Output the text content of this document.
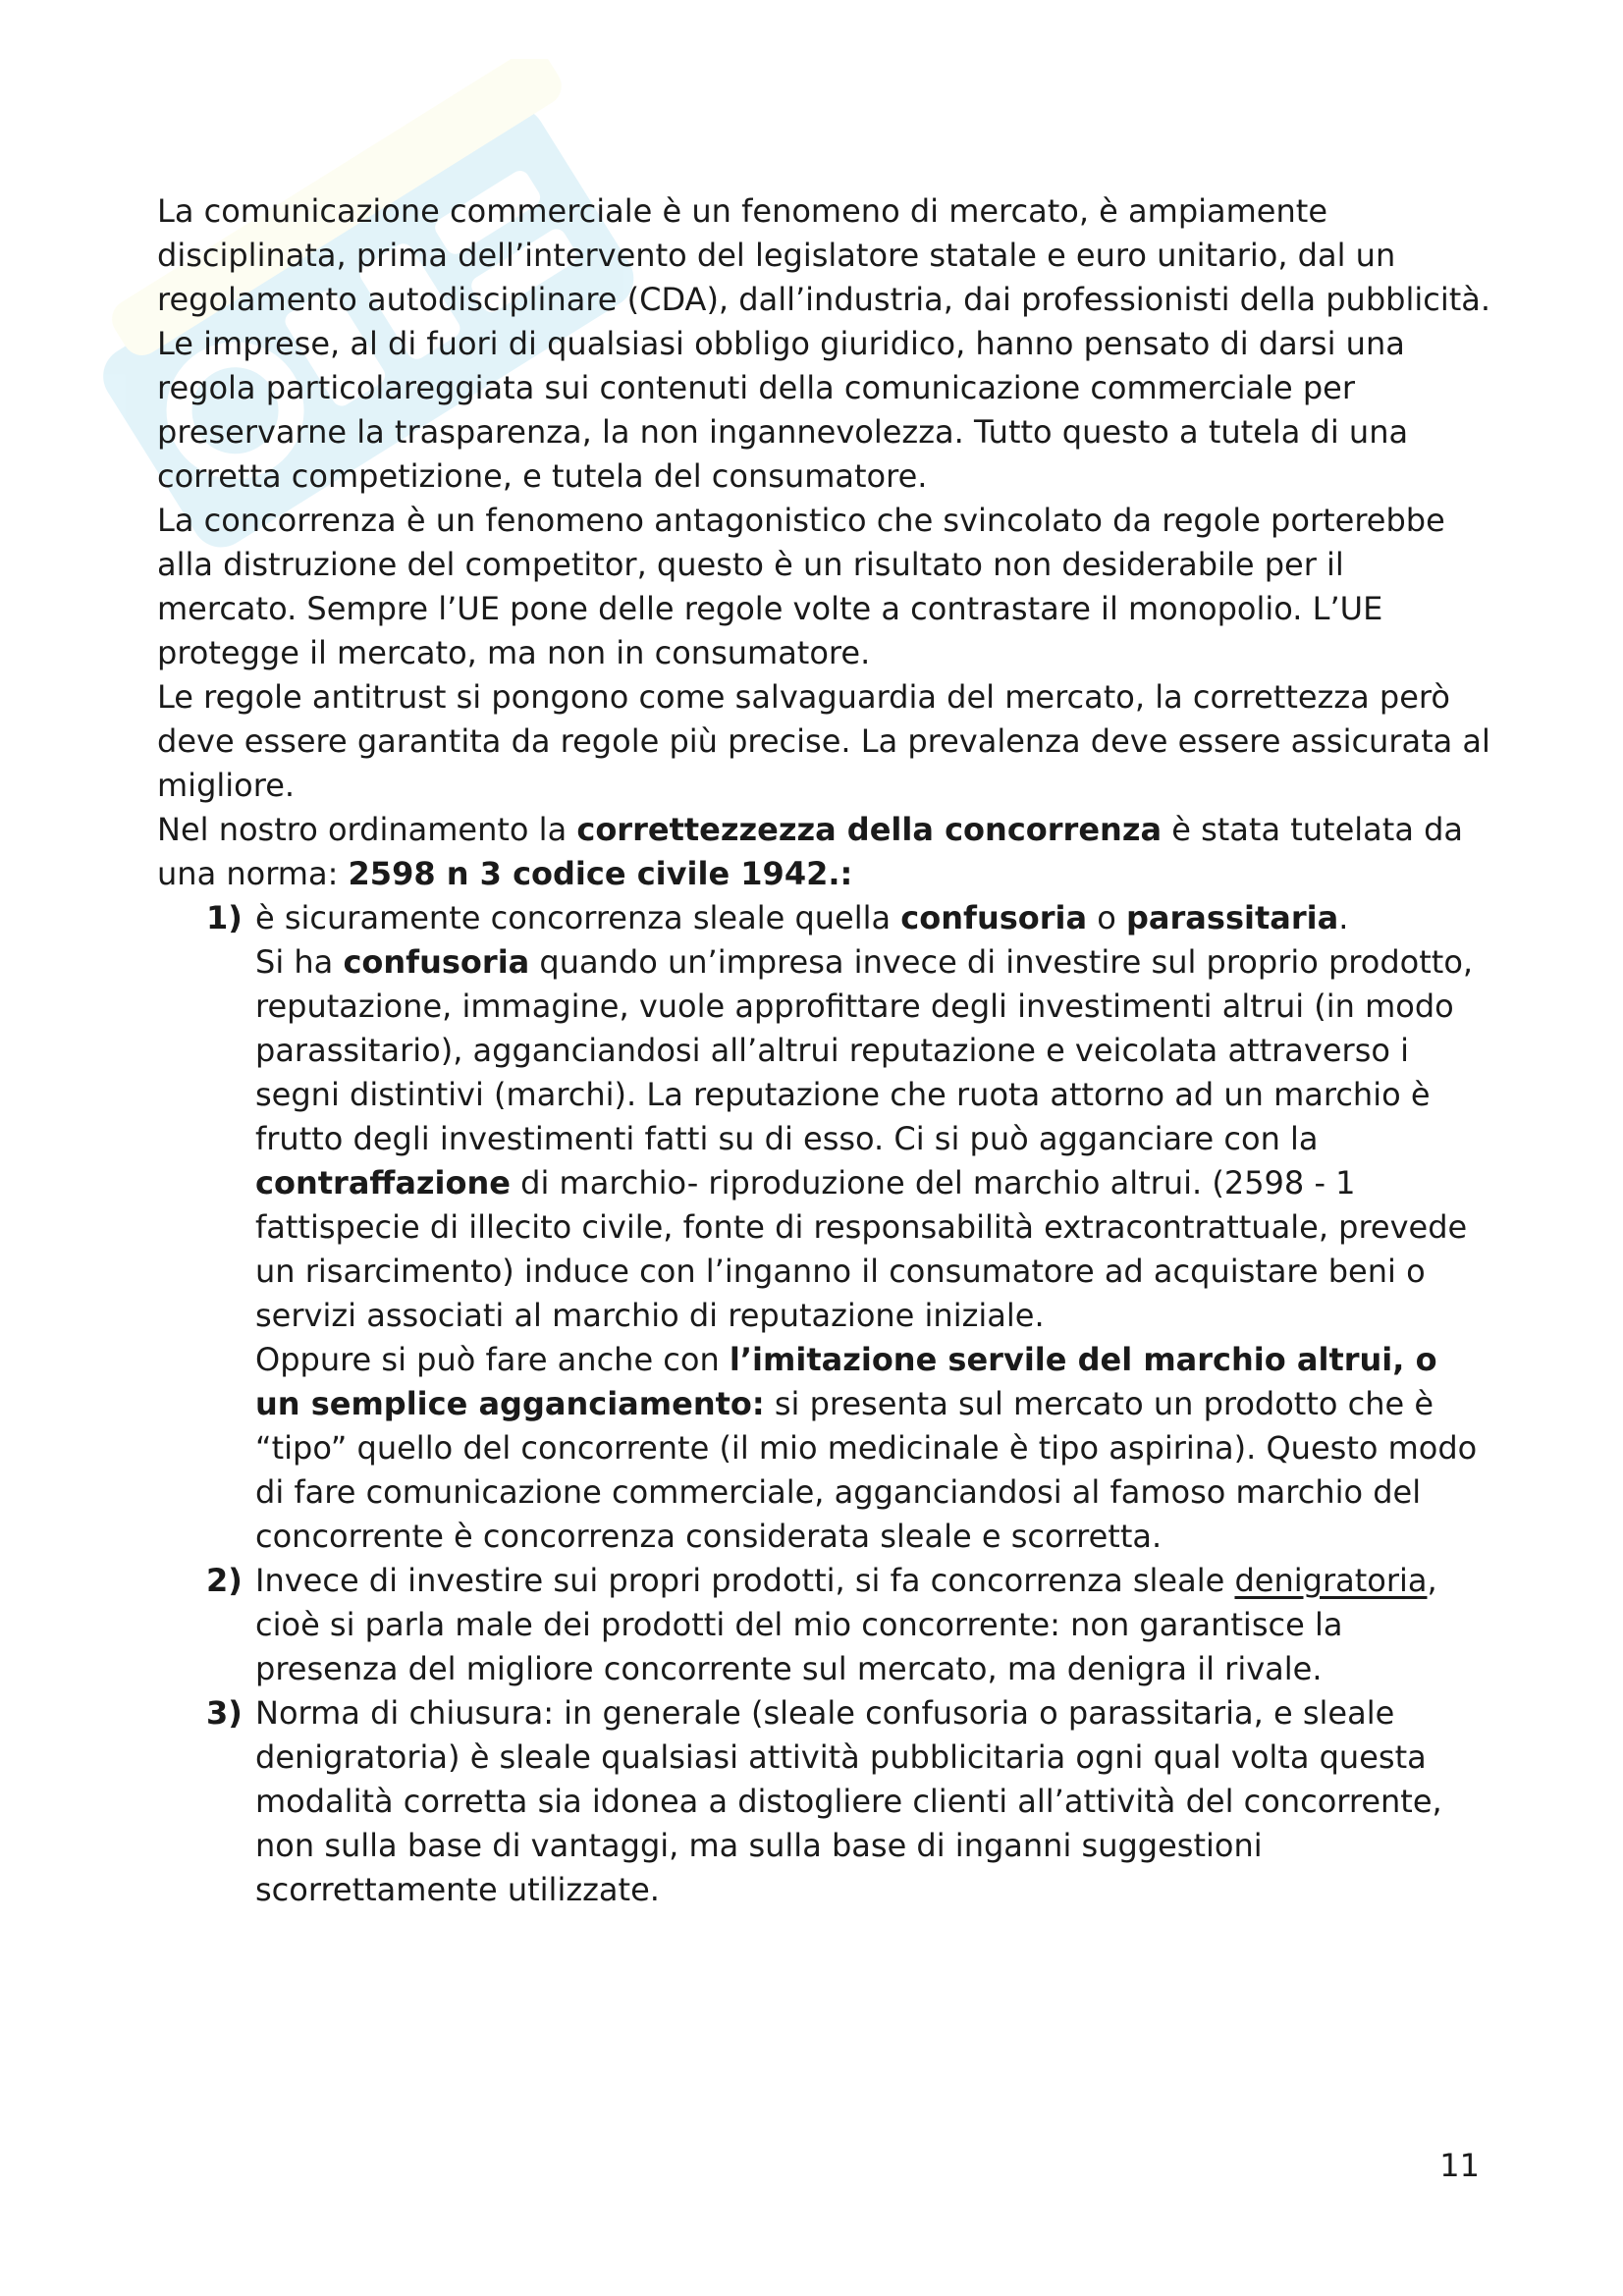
La comunicazione commerciale è un fenomeno di mercato, è ampiamente disciplinata, prima dell’intervento del legislatore statale e euro unitario, dal un regolamento autodisciplinare (CDA), dall’industria, dai professionisti della pubblicità.

Le imprese, al di fuori di qualsiasi obbligo giuridico, hanno pensato di darsi una regola particolareggiata sui contenuti della comunicazione commerciale per preservarne la trasparenza, la non ingannevolezza. Tutto questo a tutela di una corretta competizione, e tutela del consumatore.

La concorrenza è un fenomeno antagonistico che svincolato da regole porterebbe alla distruzione del competitor, questo è un risultato non desiderabile per il mercato. Sempre l’UE pone delle regole volte a contrastare il monopolio. L’UE protegge il mercato, ma non in consumatore.

Le regole antitrust si pongono come salvaguardia del mercato, la correttezza però deve essere garantita da regole più precise. La prevalenza deve essere assicurata al migliore.

Nel nostro ordinamento la correttezzezza della concorrenza è stata tutelata da una norma: 2598 n 3 codice civile 1942.:

1) è sicuramente concorrenza sleale quella confusoria o parassitaria.

Si ha confusoria quando un’impresa invece di investire sul proprio prodotto, reputazione, immagine, vuole approfittare degli investimenti altrui (in modo parassitario), agganciandosi all’altrui reputazione e veicolata attraverso i segni distintivi (marchi). La reputazione che ruota attorno ad un marchio è frutto degli investimenti fatti su di esso. Ci si può agganciare con la contraffazione di marchio- riproduzione del marchio altrui. (2598 - 1 fattispecie di illecito civile, fonte di responsabilità extracontrattuale, prevede un risarcimento) induce con l’inganno il consumatore ad acquistare beni o servizi associati al marchio di reputazione iniziale.

Oppure si può fare anche con l’imitazione servile del marchio altrui, o un semplice agganciamento: si presenta sul mercato un prodotto che è “tipo” quello del concorrente (il mio medicinale è tipo aspirina). Questo modo di fare comunicazione commerciale, agganciandosi al famoso marchio del concorrente è concorrenza considerata sleale e scorretta.

2) Invece di investire sui propri prodotti, si fa concorrenza sleale denigratoria, cioè si parla male dei prodotti del mio concorrente: non garantisce la presenza del migliore concorrente sul mercato, ma denigra il rivale.

3) Norma di chiusura: in generale (sleale confusoria o parassitaria, e sleale denigratoria) è sleale qualsiasi attività pubblicitaria ogni qual volta questa modalità corretta sia idonea a distogliere clienti all’attività del concorrente, non sulla base di vantaggi, ma sulla base di inganni suggestioni scorrettamente utilizzate.

11
